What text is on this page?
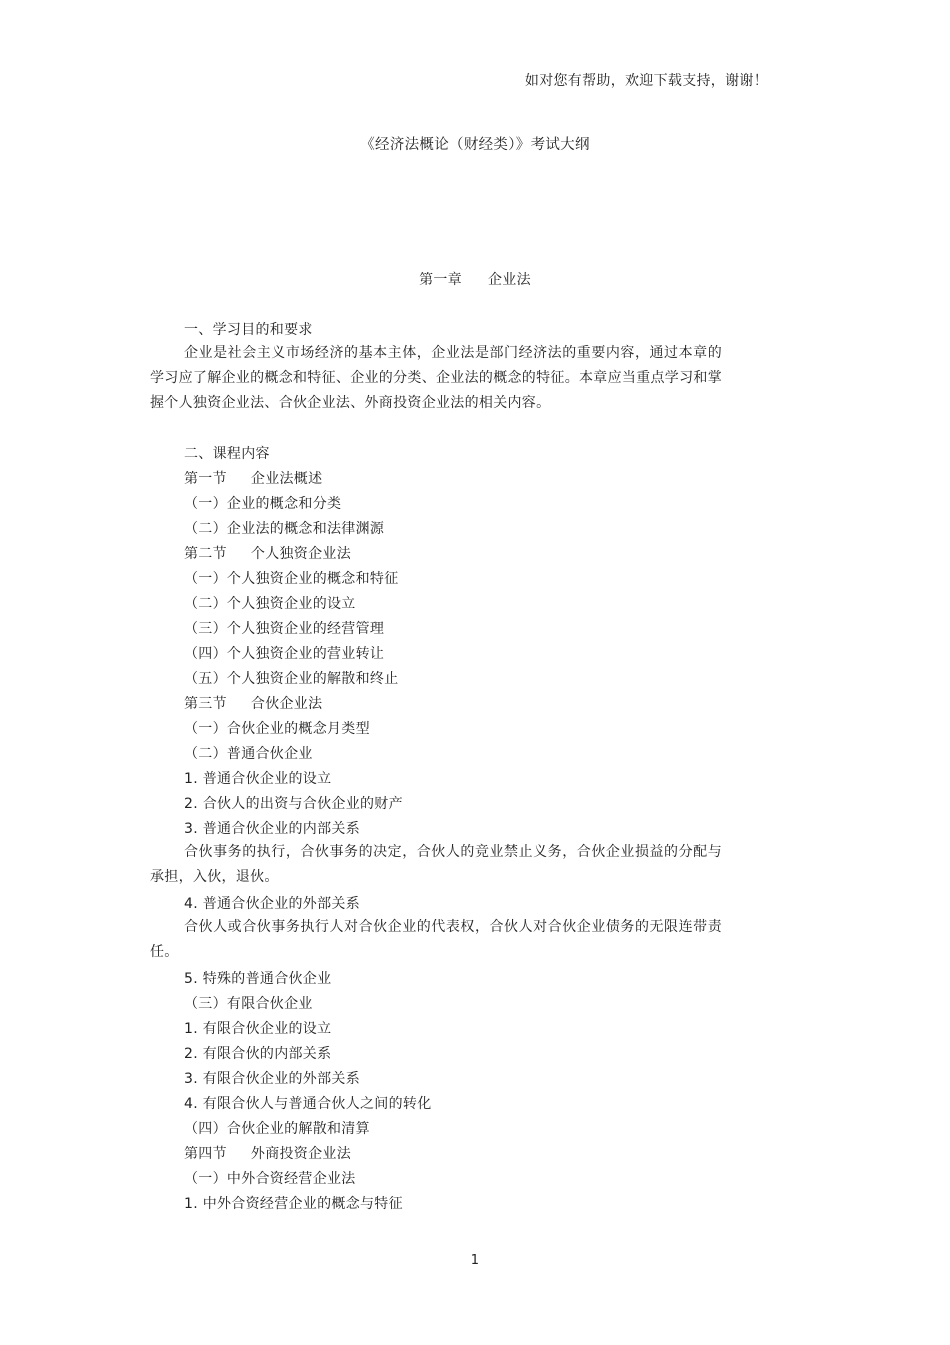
如对您有帮助，欢迎下载支持，谢谢！
《经济法概论（财经类）》考试大纲
第一章 企业法
一、学习目的和要求
企业是社会主义市场经济的基本主体，企业法是部门经济法的重要内容，通过本章的学习应了解企业的概念和特征、企业的分类、企业法的概念的特征。本章应当重点学习和掌握个人独资企业法、合伙企业法、外商投资企业法的相关内容。
二、课程内容
第一节 企业法概述
（一）企业的概念和分类
（二）企业法的概念和法律渊源
第二节 个人独资企业法
（一）个人独资企业的概念和特征
（二）个人独资企业的设立
（三）个人独资企业的经营管理
（四）个人独资企业的营业转让
（五）个人独资企业的解散和终止
第三节 合伙企业法
（一）合伙企业的概念月类型
（二）普通合伙企业
1. 普通合伙企业的设立
2. 合伙人的出资与合伙企业的财产
3. 普通合伙企业的内部关系
合伙事务的执行，合伙事务的决定，合伙人的竞业禁止义务，合伙企业损益的分配与承担，入伙，退伙。
4. 普通合伙企业的外部关系
合伙人或合伙事务执行人对合伙企业的代表权，合伙人对合伙企业债务的无限连带责任。
5. 特殊的普通合伙企业
（三）有限合伙企业
1. 有限合伙企业的设立
2. 有限合伙的内部关系
3. 有限合伙企业的外部关系
4. 有限合伙人与普通合伙人之间的转化
（四）合伙企业的解散和清算
第四节 外商投资企业法
（一）中外合资经营企业法
1. 中外合资经营企业的概念与特征
1
